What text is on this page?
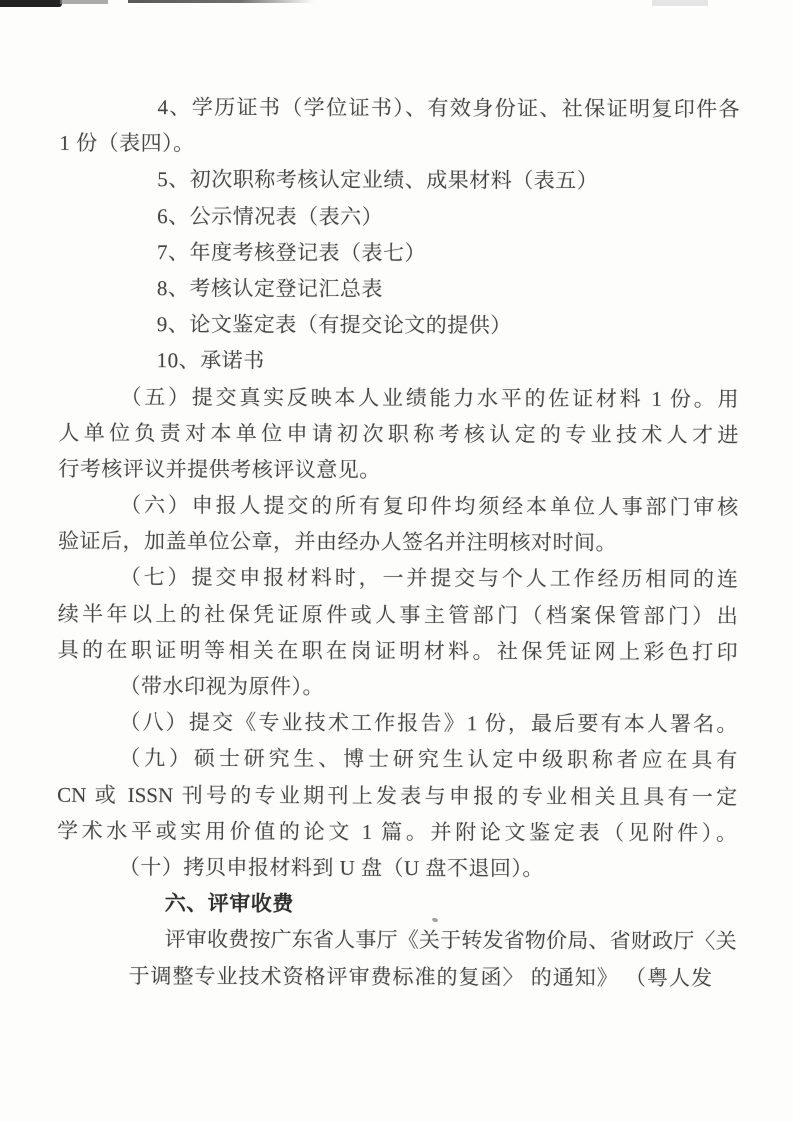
4、学历证书（学位证书）、有效身份证、社保证明复印件各
1 份（表四）。
5、初次职称考核认定业绩、成果材料（表五）
6、公示情况表（表六）
7、年度考核登记表（表七）
8、考核认定登记汇总表
9、论文鉴定表（有提交论文的提供）
10、承诺书
（五）提交真实反映本人业绩能力水平的佐证材料 1 份。用
人单位负责对本单位申请初次职称考核认定的专业技术人才进
行考核评议并提供考核评议意见。
（六）申报人提交的所有复印件均须经本单位人事部门审核
验证后，加盖单位公章，并由经办人签名并注明核对时间。
（七）提交申报材料时，一并提交与个人工作经历相同的连
续半年以上的社保凭证原件或人事主管部门（档案保管部门）出
具的在职证明等相关在职在岗证明材料。社保凭证网上彩色打印
（带水印视为原件）。
（八）提交《专业技术工作报告》1 份，最后要有本人署名。
（九）硕士研究生、博士研究生认定中级职称者应在具有
CN 或 ISSN 刊号的专业期刊上发表与申报的专业相关且具有一定
学术水平或实用价值的论文 1 篇。并附论文鉴定表（见附件）。
（十）拷贝申报材料到 U 盘（U 盘不退回）。
六、评审收费
评审收费按广东省人事厅《关于转发省物价局、省财政厅〈关
于调整专业技术资格评审费标准的复函〉 的通知》 （粤人发
